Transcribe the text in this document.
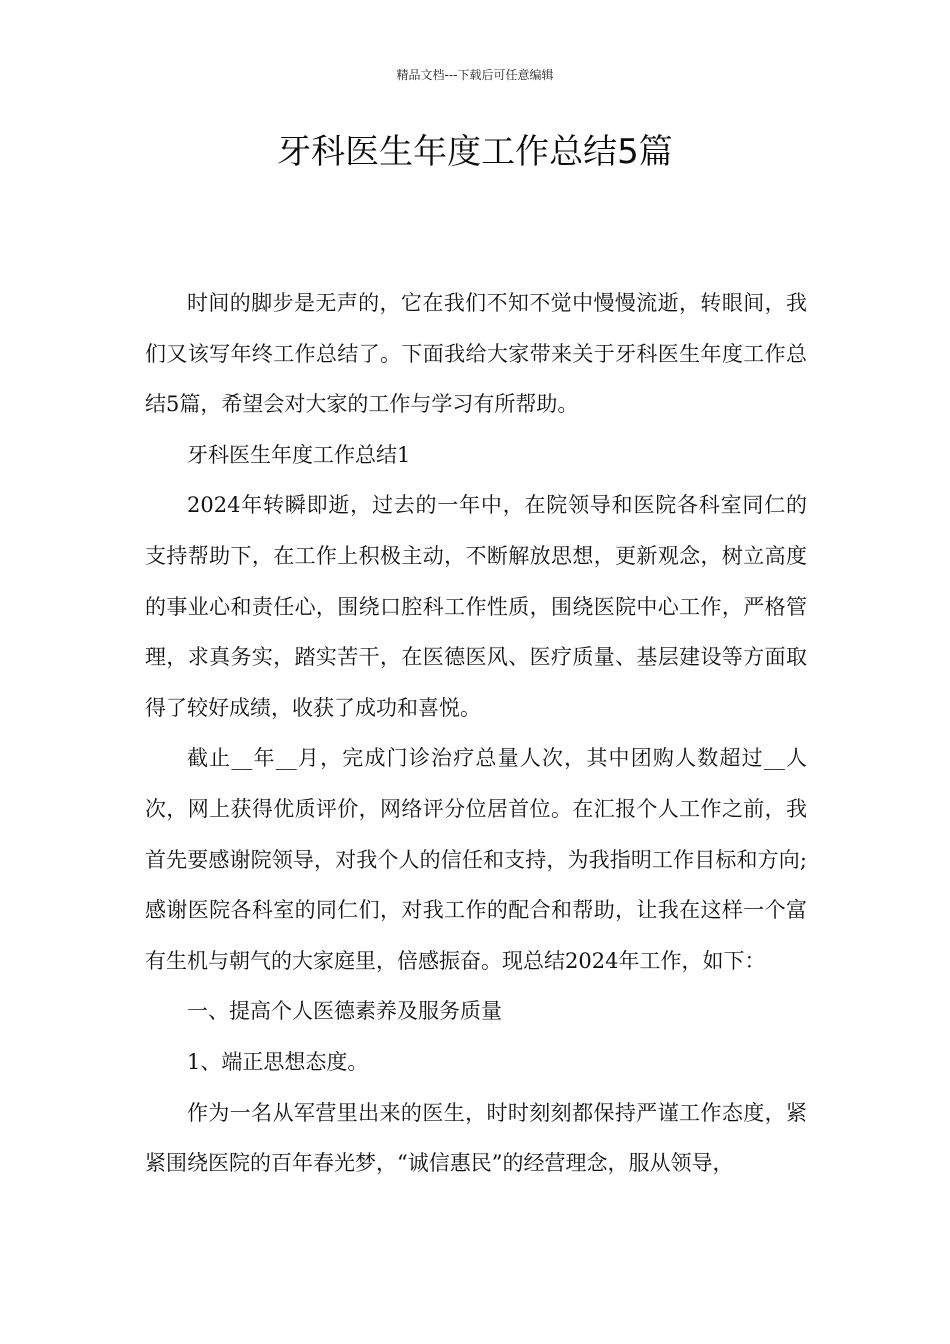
精品文档---下载后可任意编辑
牙科医生年度工作总结5篇

时间的脚步是无声的，它在我们不知不觉中慢慢流逝，转眼间，我们又该写年终工作总结了。下面我给大家带来关于牙科医生年度工作总结5篇，希望会对大家的工作与学习有所帮助。

牙科医生年度工作总结1

2024年转瞬即逝，过去的一年中，在院领导和医院各科室同仁的支持帮助下，在工作上积极主动，不断解放思想，更新观念，树立高度的事业心和责任心，围绕口腔科工作性质，围绕医院中心工作，严格管理，求真务实，踏实苦干，在医德医风、医疗质量、基层建设等方面取得了较好成绩，收获了成功和喜悦。

截止__年__月，完成门诊治疗总量人次，其中团购人数超过__人次，网上获得优质评价，网络评分位居首位。在汇报个人工作之前，我首先要感谢院领导，对我个人的信任和支持，为我指明工作目标和方向;感谢医院各科室的同仁们，对我工作的配合和帮助，让我在这样一个富有生机与朝气的大家庭里，倍感振奋。现总结2024年工作，如下：

一、提高个人医德素养及服务质量

1、端正思想态度。

作为一名从军营里出来的医生，时时刻刻都保持严谨工作态度，紧紧围绕医院的百年春光梦，“诚信惠民”的经营理念，服从领导，
